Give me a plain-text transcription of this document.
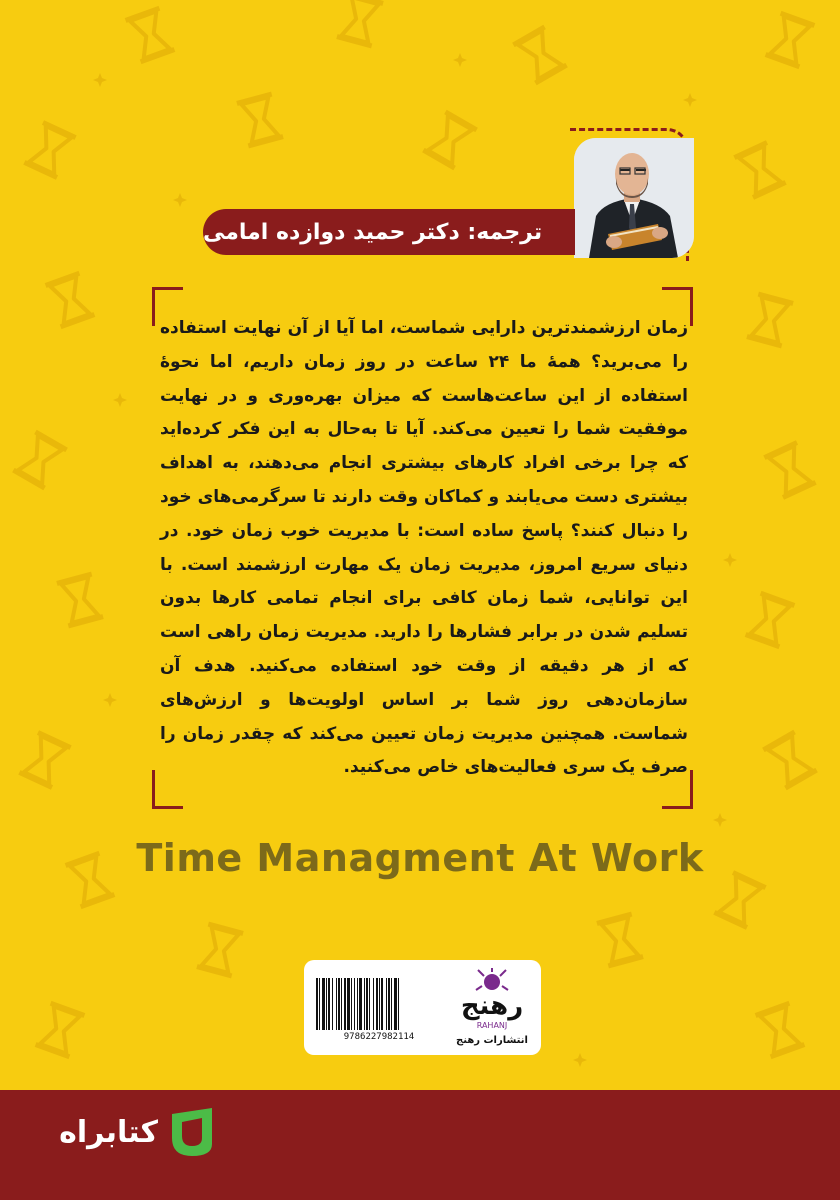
ترجمه: دکتر حمید دوازده امامی
زمان ارزشمندترین دارایی شماست، اما آیا از آن نهایت استفاده را می‌برید؟ همهٔ ما ۲۴ ساعت در روز زمان داریم، اما نحوهٔ استفاده از این ساعت‌هاست که میزان بهره‌وری و در نهایت موفقیت شما را تعیین می‌کند. آیا تا به‌حال به این فکر کرده‌اید که چرا برخی افراد کارهای بیشتری انجام می‌دهند، به اهداف بیشتری دست می‌یابند و کماکان وقت دارند تا سرگرمی‌های خود را دنبال کنند؟ پاسخ ساده است: با مدیریت خوب زمان خود. در دنیای سریع امروز، مدیریت زمان یک مهارت ارزشمند است. با این توانایی، شما زمان کافی برای انجام تمامی کارها بدون تسلیم شدن در برابر فشارها را دارید. مدیریت زمان راهی است که از هر دقیقه از وقت خود استفاده می‌کنید. هدف آن سازمان‌دهی روز شما بر اساس اولویت‌ها و ارزش‌های شماست. همچنین مدیریت زمان تعیین می‌کند که چقدر زمان را صرف یک سری فعالیت‌های خاص می‌کنید.
Time Managment At Work
9786227982114
رهنج
RAHANJ
انتشارات رهنج
کتابراه
